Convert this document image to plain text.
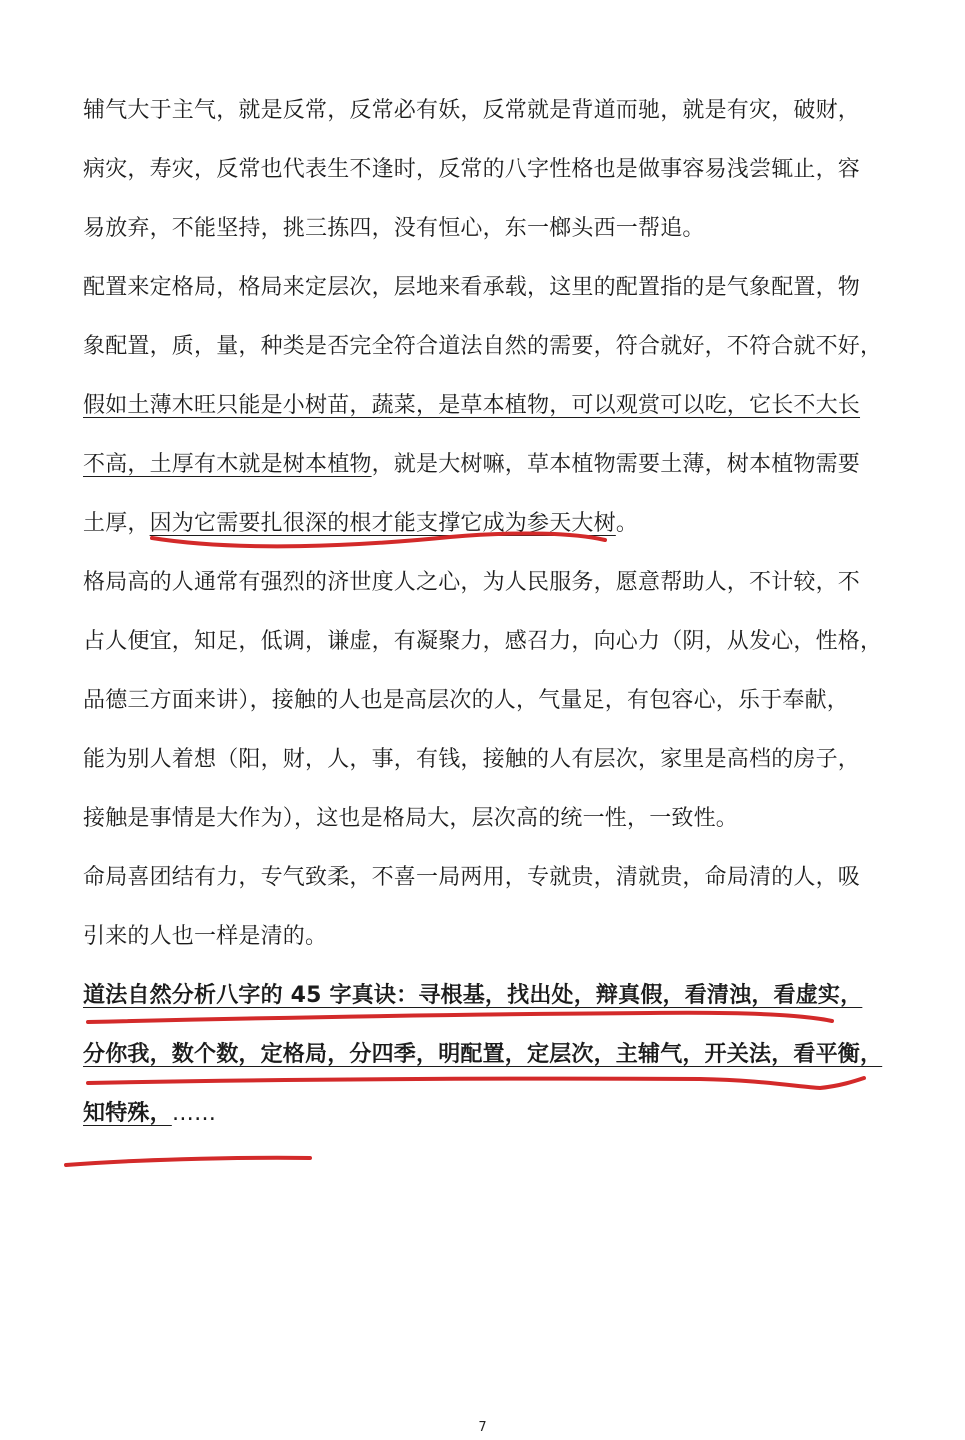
辅气大于主气，就是反常，反常必有妖，反常就是背道而驰，就是有灾，破财，
病灾，寿灾，反常也代表生不逢时，反常的八字性格也是做事容易浅尝辄止，容
易放弃，不能坚持，挑三拣四，没有恒心，东一榔头西一帮追。
配置来定格局，格局来定层次，层地来看承载，这里的配置指的是气象配置，物
象配置，质，量，种类是否完全符合道法自然的需要，符合就好，不符合就不好，
假如土薄木旺只能是小树苗，蔬菜，是草本植物，可以观赏可以吃，它长不大长
不高，土厚有木就是树本植物，就是大树嘛，草本植物需要土薄，树本植物需要
土厚，因为它需要扎很深的根才能支撑它成为参天大树。
格局高的人通常有强烈的济世度人之心，为人民服务，愿意帮助人，不计较，不
占人便宜，知足，低调，谦虚，有凝聚力，感召力，向心力（阴，从发心，性格，
品德三方面来讲），接触的人也是高层次的人，气量足，有包容心，乐于奉献，
能为别人着想（阳，财，人，事，有钱，接触的人有层次，家里是高档的房子，
接触是事情是大作为），这也是格局大，层次高的统一性，一致性。
命局喜团结有力，专气致柔，不喜一局两用，专就贵，清就贵，命局清的人，吸
引来的人也一样是清的。
道法自然分析八字的 45 字真诀：寻根基，找出处，辩真假，看清浊，看虚实，
分你我，数个数，定格局，分四季，明配置，定层次，主辅气，开关法，看平衡，
知特殊，……
7
